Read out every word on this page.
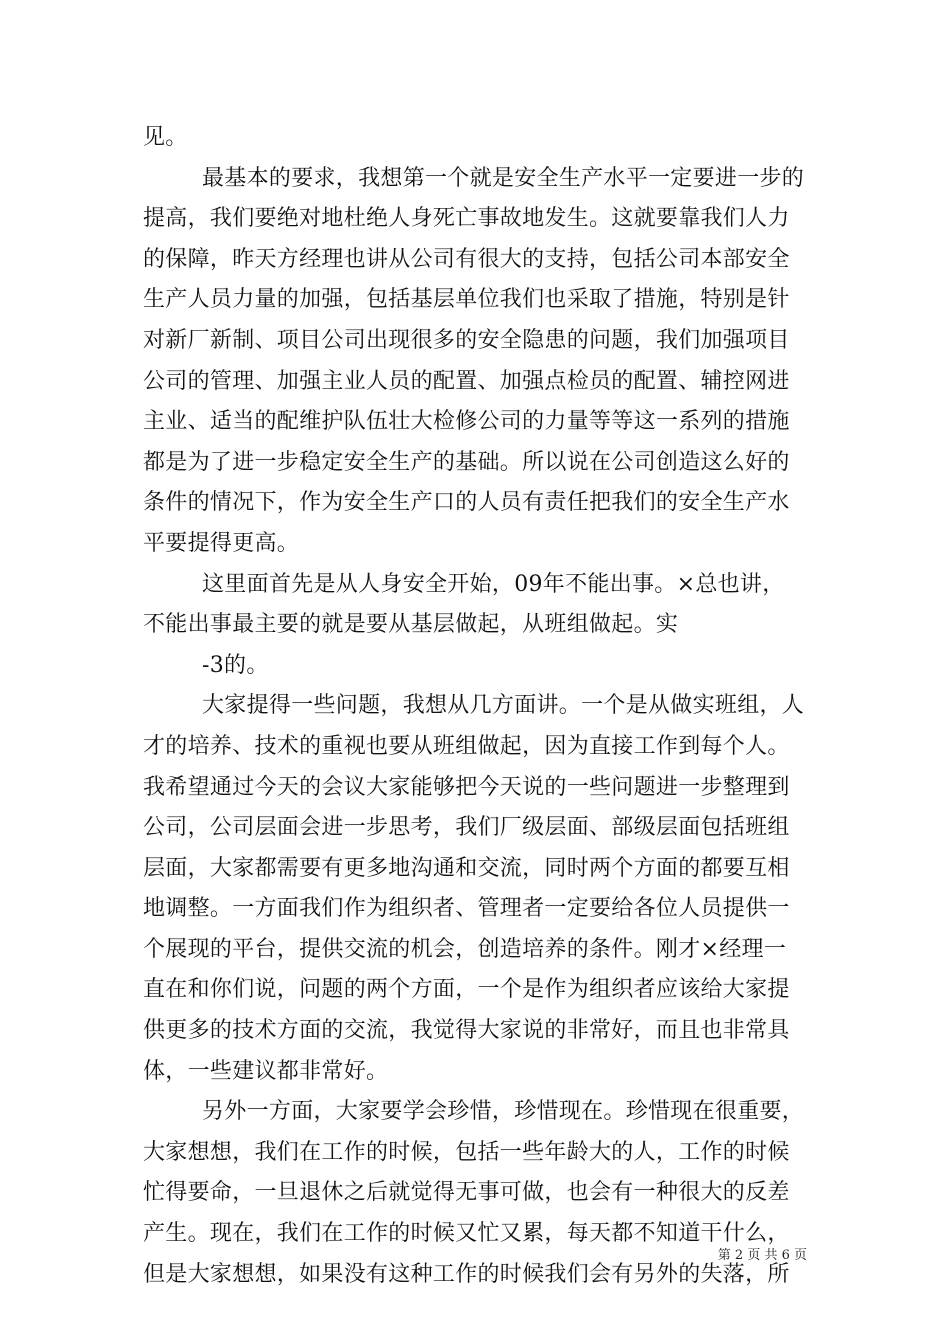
见。
最基本的要求，我想第一个就是安全生产水平一定要进一步的
提高，我们要绝对地杜绝人身死亡事故地发生。这就要靠我们人力
的保障，昨天方经理也讲从公司有很大的支持，包括公司本部安全
生产人员力量的加强，包括基层单位我们也采取了措施，特别是针
对新厂新制、项目公司出现很多的安全隐患的问题，我们加强项目
公司的管理、加强主业人员的配置、加强点检员的配置、辅控网进
主业、适当的配维护队伍壮大检修公司的力量等等这一系列的措施
都是为了进一步稳定安全生产的基础。所以说在公司创造这么好的
条件的情况下，作为安全生产口的人员有责任把我们的安全生产水
平要提得更高。
这里面首先是从人身安全开始，09年不能出事。×总也讲，
不能出事最主要的就是要从基层做起，从班组做起。实
-3的。
大家提得一些问题，我想从几方面讲。一个是从做实班组，人
才的培养、技术的重视也要从班组做起，因为直接工作到每个人。
我希望通过今天的会议大家能够把今天说的一些问题进一步整理到
公司，公司层面会进一步思考，我们厂级层面、部级层面包括班组
层面，大家都需要有更多地沟通和交流，同时两个方面的都要互相
地调整。一方面我们作为组织者、管理者一定要给各位人员提供一
个展现的平台，提供交流的机会，创造培养的条件。刚才×经理一
直在和你们说，问题的两个方面，一个是作为组织者应该给大家提
供更多的技术方面的交流，我觉得大家说的非常好，而且也非常具
体，一些建议都非常好。
另外一方面，大家要学会珍惜，珍惜现在。珍惜现在很重要，
大家想想，我们在工作的时候，包括一些年龄大的人，工作的时候
忙得要命，一旦退休之后就觉得无事可做，也会有一种很大的反差
产生。现在，我们在工作的时候又忙又累，每天都不知道干什么，
但是大家想想，如果没有这种工作的时候我们会有另外的失落，所
第 2 页 共 6 页
